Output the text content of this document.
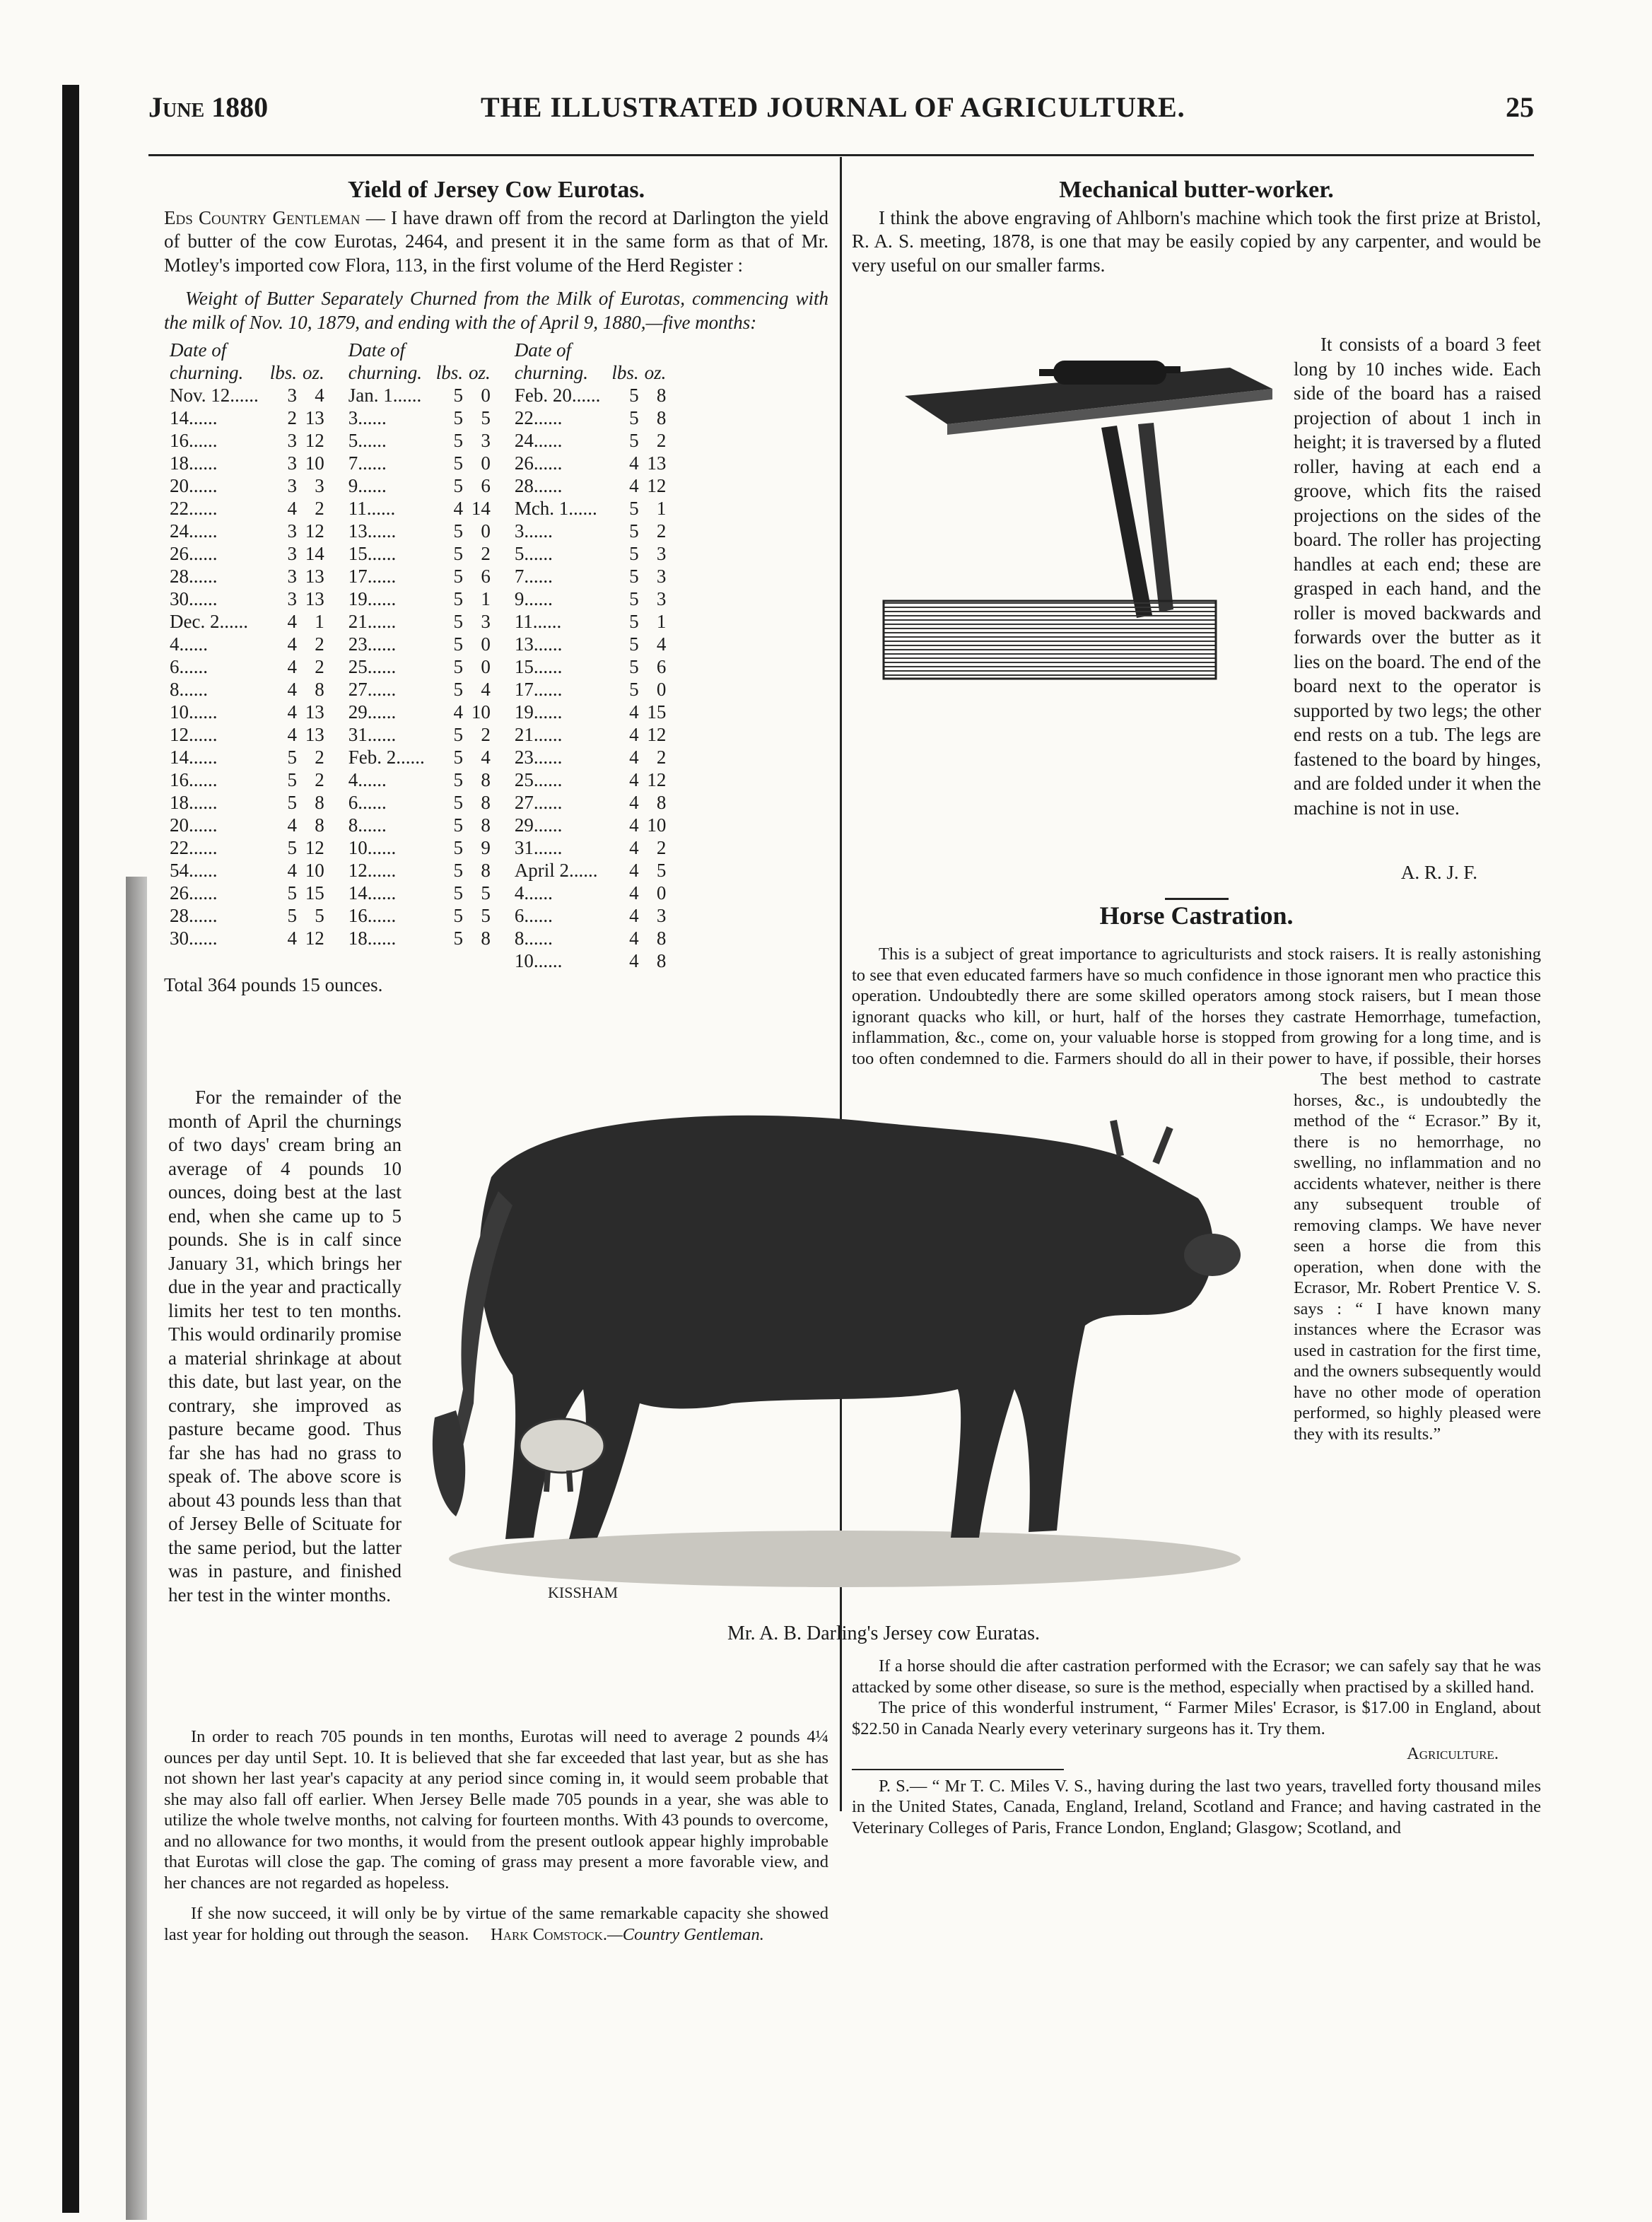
June 1880	THE ILLUSTRATED JOURNAL OF AGRICULTURE.	25
Yield of Jersey Cow Eurotas.

Eds Country Gentleman — I have drawn off from the record at Darlington the yield of butter of the cow Eurotas, 2464, and present it in the same form as that of Mr. Motley's imported cow Flora, 113, in the first volume of the Herd Register :

Weight of Butter Separately Churned from the Milk of Eurotas, commencing with the milk of Nov. 10, 1879, and ending with the of April 9, 1880,—five months:

Date of				Date of				Date of		
churning.	lbs.	oz.		churning.	lbs.	oz.		churning.	lbs.	oz.
Nov. 12......	3	4		Jan. 1......	5	0		Feb. 20......	5	8
14......	2	13		3......	5	5		22......	5	8
16......	3	12		5......	5	3		24......	5	2
18......	3	10		7......	5	0		26......	4	13
20......	3	3		9......	5	6		28......	4	12
22......	4	2		11......	4	14		Mch. 1......	5	1
24......	3	12		13......	5	0		3......	5	2
26......	3	14		15......	5	2		5......	5	3
28......	3	13		17......	5	6		7......	5	3
30......	3	13		19......	5	1		9......	5	3
Dec. 2......	4	1		21......	5	3		11......	5	1
4......	4	2		23......	5	0		13......	5	4
6......	4	2		25......	5	0		15......	5	6
8......	4	8		27......	5	4		17......	5	0
10......	4	13		29......	4	10		19......	4	15
12......	4	13		31......	5	2		21......	4	12
14......	5	2		Feb. 2......	5	4		23......	4	2
16......	5	2		4......	5	8		25......	4	12
18......	5	8		6......	5	8		27......	4	8
20......	4	8		8......	5	8		29......	4	10
22......	5	12		10......	5	9		31......	4	2
54......	4	10		12......	5	8		April 2......	4	5
26......	5	15		14......	5	5		4......	4	0
28......	5	5		16......	5	5		6......	4	3
30......	4	12		18......	5	8		8......	4	8
								10......	4	8

Total 364 pounds 15 ounces.

For the remainder of the month of April the churnings of two days' cream bring an average of 4 pounds 10 ounces, doing best at the last end, when she came up to 5 pounds. She is in calf since January 31, which brings her due in the year and practically limits her test to ten months. This would ordinarily promise a material shrinkage at about this date, but last year, on the contrary, she improved as pasture became good. Thus far she has had no grass to speak of. The above score is about 43 pounds less than that of Jersey Belle of Scituate for the same period, but the latter was in pasture, and finished her test in the winter months.

In order to reach 705 pounds in ten months, Eurotas will need to average 2 pounds 4¼ ounces per day until Sept. 10. It is believed that she far exceeded that last year, but as she has not shown her last year's capacity at any period since coming in, it would seem probable that she may also fall off earlier. When Jersey Belle made 705 pounds in a year, she was able to utilize the whole twelve months, not calving for fourteen months. With 43 pounds to overcome, and no allowance for two months, it would from the present outlook appear highly improbable that Eurotas will close the gap. The coming of grass may present a more favorable view, and her chances are not regarded as hopeless.

If she now succeed, it will only be by virtue of the same remarkable capacity she showed last year for holding out through the season. Hark Comstock.—Country Gentleman.

Mechanical butter-worker.

I think the above engraving of Ahlborn's machine which took the first prize at Bristol, R. A. S. meeting, 1878, is one that may be easily copied by any carpenter, and would be very useful on our smaller farms.

It consists of a board 3 feet long by 10 inches wide. Each side of the board has a raised projection of about 1 inch in height; it is traversed by a fluted roller, having at each end a groove, which fits the raised projections on the sides of the board. The roller has projecting handles at each end; these are grasped in each hand, and the roller is moved backwards and forwards over the butter as it lies on the board. The end of the board next to the operator is supported by two legs; the other end rests on a tub. The legs are fastened to the board by hinges, and are folded under it when the machine is not in use.

A. R. J. F.

Horse Castration.

This is a subject of great importance to agriculturists and stock raisers. It is really astonishing to see that even educated farmers have so much confidence in those ignorant men who practice this operation. Undoubtedly there are some skilled operators among stock raisers, but I mean those ignorant quacks who kill, or hurt, half of the horses they castrate Hemorrhage, tumefaction, inflammation, &c., come on, your valuable horse is stopped from growing for a long time, and is too often condemned to die. Farmers should do all in their power to have, if possible, their horses

The best method to castrate horses, &c., is undoubtedly the method of the “ Ecrasor.” By it, there is no hemorrhage, no swelling, no inflammation and no accidents whatever, neither is there any subsequent trouble of removing clamps. We have never seen a horse die from this operation, when done with the Ecrasor, Mr. Robert Prentice V. S. says : “ I have known many instances where the Ecrasor was used in castration for the first time, and the owners subsequently would have no other mode of operation performed, so highly pleased were they with its results.”

If a horse should die after castration performed with the Ecrasor; we can safely say that he was attacked by some other disease, so sure is the method, especially when practised by a skilled hand.

The price of this wonderful instrument, “ Farmer Miles' Ecrasor, is $17.00 in England, about $22.50 in Canada Nearly every veterinary surgeons has it. Try them.

Agriculture.

P. S.— “ Mr T. C. Miles V. S., having during the last two years, travelled forty thousand miles in the United States, Canada, England, Ireland, Scotland and France; and having castrated in the Veterinary Colleges of Paris, France London, England; Glasgow; Scotland, and

KISSHAM
Mr. A. B. Darling's Jersey cow Euratas.
